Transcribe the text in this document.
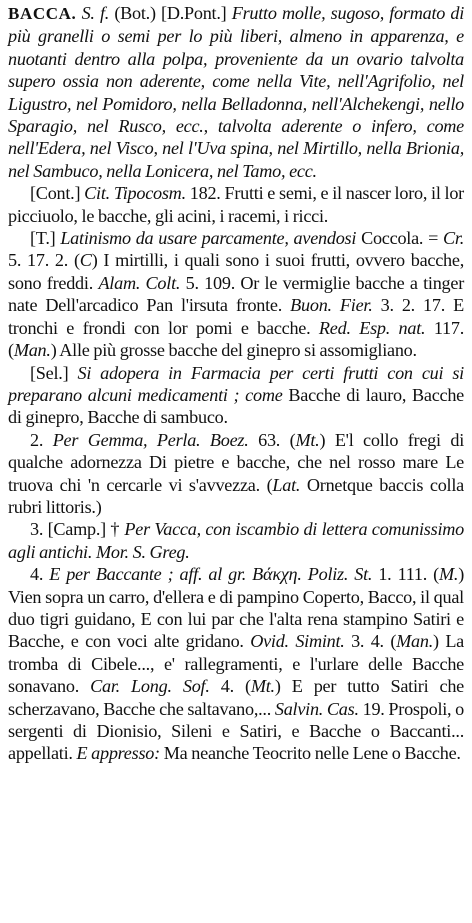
BACCA. S. f. (Bot.) [D.Pont.] Frutto molle, sugoso, formato di più granelli o semi per lo più liberi, almeno in apparenza, e nuotanti dentro alla polpa, proveniente da un ovario talvolta supero ossia non aderente, come nella Vite, nell'Agrifolio, nel Ligustro, nel Pomidoro, nella Belladonna, nell'Alchekengi, nello Sparagio, nel Rusco, ecc., talvolta aderente o infero, come nell'Edera, nel Visco, nel l'Uva spina, nel Mirtillo, nella Brionia, nel Sambuco, nella Lonicera, nel Tamo, ecc.

[Cont.] Cit. Tipocosm. 182. Frutti e semi, e il nascer loro, il lor picciuolo, le bacche, gli acini, i racemi, i ricci.

[T.] Latinismo da usare parcamente, avendosi Coccola. = Cr. 5. 17. 2. (C) I mirtilli, i quali sono i suoi frutti, ovvero bacche, sono freddi. Alam. Colt. 5. 109. Or le vermiglie bacche a tinger nate Dell'arcadico Pan l'irsuta fronte. Buon. Fier. 3. 2. 17. E tronchi e frondi con lor pomi e bacche. Red. Esp. nat. 117. (Man.) Alle più grosse bacche del ginepro si assomigliano.

[Sel.] Si adopera in Farmacia per certi frutti con cui si preparano alcuni medicamenti ; come Bacche di lauro, Bacche di ginepro, Bacche di sambuco.

2. Per Gemma, Perla. Boez. 63. (Mt.) E'l collo fregi di qualche adornezza Di pietre e bacche, che nel rosso mare Le truova chi 'n cercarle vi s'avvezza. (Lat. Ornetque baccis colla rubri littoris.)

3. [Camp.] † Per Vacca, con iscambio di lettera comunissimo agli antichi. Mor. S. Greg.

4. E per Baccante ; aff. al gr. Βάκχη. Poliz. St. 1. 111. (M.) Vien sopra un carro, d'ellera e di pampino Coperto, Bacco, il qual duo tigri guidano, E con lui par che l'alta rena stampino Satiri e Bacche, e con voci alte gridano. Ovid. Simint. 3. 4. (Man.) La tromba di Cibele..., e' rallegramenti, e l'urlare delle Bacche sonavano. Car. Long. Sof. 4. (Mt.) E per tutto Satiri che scherzavano, Bacche che saltavano,... Salvin. Cas. 19. Prospoli, o sergenti di Dionisio, Sileni e Satiri, e Bacche o Baccanti... appellati. E appresso: Ma neanche Teocrito nelle Lene o Bacche.
